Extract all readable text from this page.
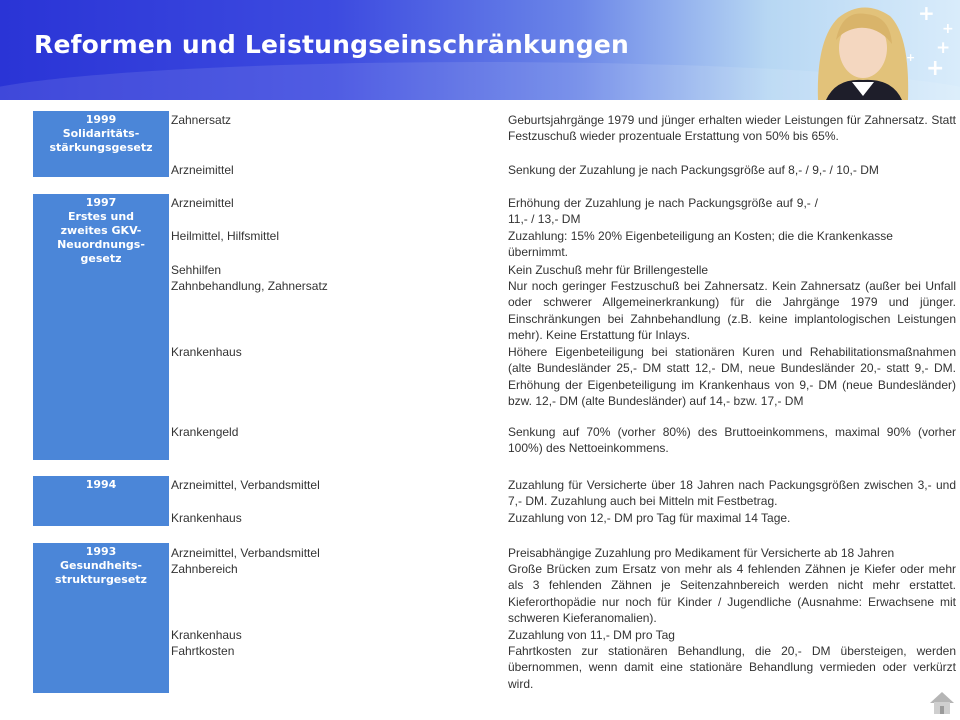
Reformen und Leistungseinschränkungen
+
+
+
+
+
1999
Solidaritäts-
stärkungsgesetz
Zahnersatz	Geburtsjahrgänge 1979 und jünger erhalten wieder Leistungen für Zahnersatz. Statt Festzuschuß wieder prozentuale Erstattung von 50% bis 65%.
Arzneimittel	Senkung der Zuzahlung je nach Packungsgröße auf 8,- / 9,- / 10,- DM
1997
Erstes und
zweites GKV-
Neuordnungs-
gesetz
Arzneimittel	Erhöhung der Zuzahlung je nach Packungsgröße auf 9,- / 11,- / 13,- DM
Heilmittel, Hilfsmittel	Zuzahlung: 15% 20% Eigenbeteiligung an Kosten; die die Krankenkasse übernimmt.
Sehhilfen	Kein Zuschuß mehr für Brillengestelle
Zahnbehandlung, Zahnersatz	Nur noch geringer Festzuschuß bei Zahnersatz. Kein Zahnersatz (außer bei Unfall oder schwerer Allgemeinerkrankung) für die Jahrgänge 1979 und jünger. Einschränkungen bei Zahnbehandlung (z.B. keine implantologischen Leistungen mehr). Keine Erstattung für Inlays.
Krankenhaus	Höhere Eigenbeteiligung bei stationären Kuren und Rehabilitationsmaßnahmen (alte Bundesländer 25,- DM statt 12,- DM, neue Bundesländer 20,- statt 9,- DM. Erhöhung der Eigenbeteiligung im Krankenhaus von 9,- DM (neue Bundesländer) bzw. 12,- DM (alte Bundesländer) auf 14,- bzw. 17,- DM
Krankengeld	Senkung auf 70% (vorher 80%) des Bruttoeinkommens, maximal 90% (vorher 100%) des Nettoeinkommens.
1994	Arzneimittel, Verbandsmittel	Zuzahlung für Versicherte über 18 Jahren nach Packungsgrößen zwischen 3,- und 7,- DM. Zuzahlung auch bei Mitteln mit Festbetrag.
Krankenhaus	Zuzahlung von 12,- DM pro Tag für maximal 14 Tage.
1993
Gesundheits-
strukturgesetz
Arzneimittel, Verbandsmittel	Preisabhängige Zuzahlung pro Medikament für Versicherte ab 18 Jahren
Zahnbereich	Große Brücken zum Ersatz von mehr als 4 fehlenden Zähnen je Kiefer oder mehr als 3 fehlenden Zähnen je Seitenzahnbereich werden nicht mehr erstattet. Kieferorthopädie nur noch für Kinder / Jugendliche (Ausnahme: Erwachsene mit schweren Kieferanomalien).
Krankenhaus	Zuzahlung von 11,- DM pro Tag
Fahrtkosten	Fahrtkosten zur stationären Behandlung, die 20,- DM übersteigen, werden übernommen, wenn damit eine stationäre Behandlung vermieden oder verkürzt wird.
